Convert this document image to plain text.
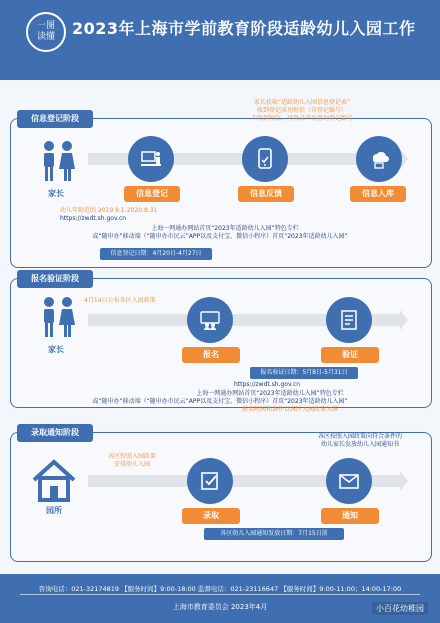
一图
读懂	2023年上海市学前教育阶段适龄幼儿入园工作
信息登记阶段
家长获取“适龄幼儿入园信息登记表”
收到登记成功短信（含登记编号）
未收到短信，可登录平台查询登记编号
家长	信息登记	信息反馈	信息入库
幼儿年龄范围 2019.9.1-2020.8.31
https://zwdt.sh.gov.cn
上海一网通办网站首页“2023年适龄幼儿入园”特色专栏
或“随申办”移动端（“随申办市民云”APP以及支付宝、微信小程序）首页“2023年适龄幼儿入园”
信息登记日期：4月20日-4月27日
报名验证阶段
4月14日公布各区入园政策
家长
报名	验证
报名验证日期：5月8日-5月31日
https://zwdt.sh.gov.cn
上海一网通办网站首页“2023年适龄幼儿入园”特色专栏
或“随申办”移动端（“随申办市民云”APP以及支付宝、微信小程序）首页“2023年适龄幼儿入园”
报名时间和条件以各区入园政策为准
录取通知阶段
园所
各区按照入园政策
安排幼儿入园
各区按照入园政策向符合条件的
幼儿家长发放幼儿入园通知书
录取	通知
各区幼儿入园通知发放日期：7月15日前
咨询电话：021-32174819 【服务时间】9:00-18:00 监督电话：021-23116647 【服务时间】9:00-11:00；14:00-17:00
上海市教育委员会 2023年4月	小百花幼稚园
